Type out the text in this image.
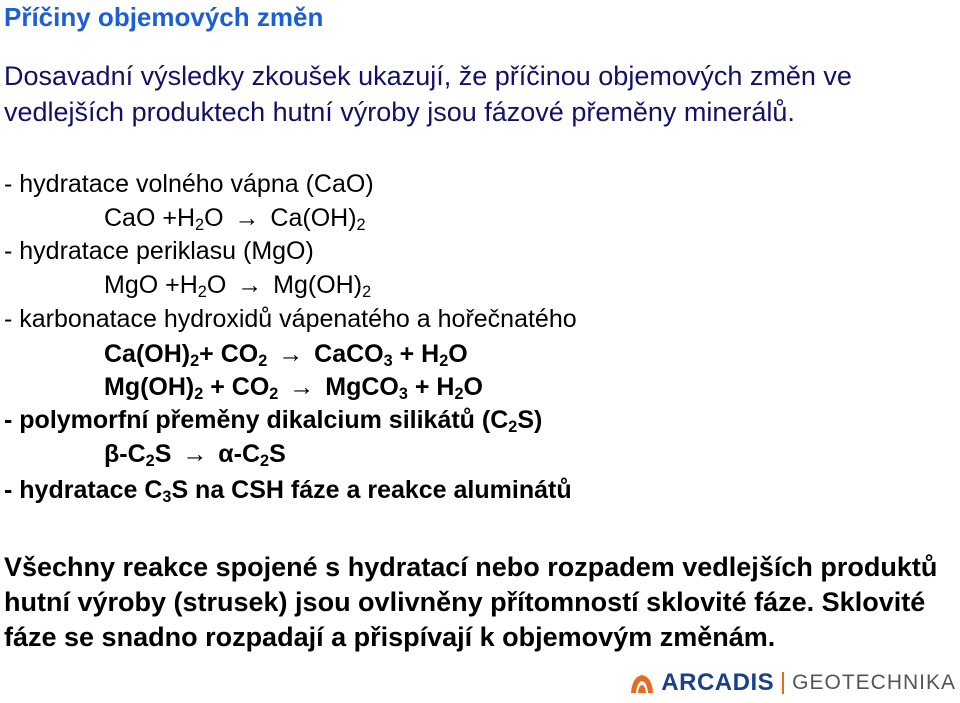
Příčiny objemových změn
Dosavadní výsledky zkoušek ukazují, že příčinou objemových změn ve vedlejších produktech hutní výroby jsou fázové přeměny minerálů.
- hydratace volného vápna (CaO)
CaO $+H_2O \to Ca(OH)_2$
- hydratace periklasu (MgO)
MgO $+H_2O \to Mg(OH)_2$
- karbonatace hydroxidů vápenatého a hořečnatého
$Ca(OH)_2+ CO_2$ → CaCO$_3$ + $H_2O$
$Mg(OH)_2 + CO_2$ → MgCO$_3$ + $H_2O$
- polymorfní přeměny dikalcium silikátů $(C_2S)$
$\beta-C_2S \to \alpha-C_2S$
- hydratace $C_3S$ na CSH fáze a reakce aluminátů
Všechny reakce spojené s hydratací nebo rozpadem vedlejších produktů hutní výroby (strusek) jsou ovlivněny přítomností sklovité fáze. Sklovité fáze se snadno rozpadají a přispívají k objemovým změnám.
ARCADIS GEOTECHNIKA
